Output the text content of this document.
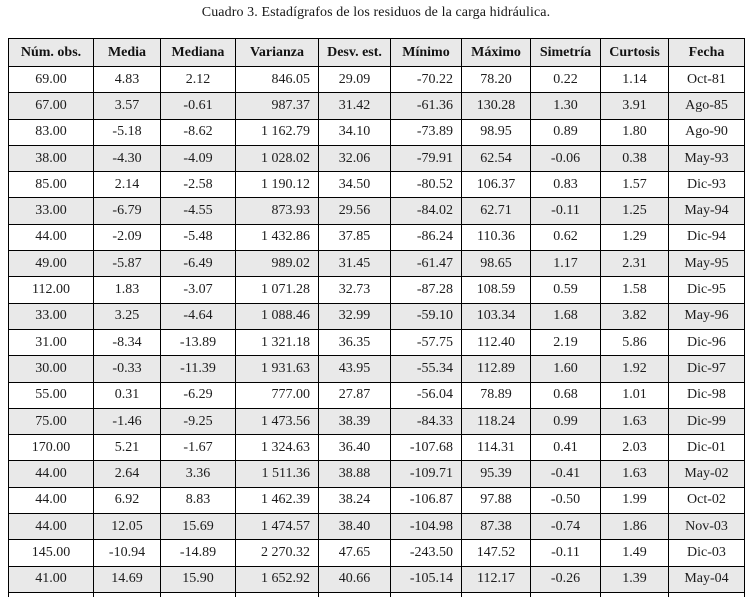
Cuadro 3. Estadígrafos de los residuos de la carga hidráulica.
Núm. obs.	Media	Mediana	Varianza	Desv. est.	Mínimo	Máximo	Simetría	Curtosis	Fecha
69.00	4.83	2.12	846.05	29.09	-70.22	78.20	0.22	1.14	Oct-81
67.00	3.57	-0.61	987.37	31.42	-61.36	130.28	1.30	3.91	Ago-85
83.00	-5.18	-8.62	1 162.79	34.10	-73.89	98.95	0.89	1.80	Ago-90
38.00	-4.30	-4.09	1 028.02	32.06	-79.91	62.54	-0.06	0.38	May-93
85.00	2.14	-2.58	1 190.12	34.50	-80.52	106.37	0.83	1.57	Dic-93
33.00	-6.79	-4.55	873.93	29.56	-84.02	62.71	-0.11	1.25	May-94
44.00	-2.09	-5.48	1 432.86	37.85	-86.24	110.36	0.62	1.29	Dic-94
49.00	-5.87	-6.49	989.02	31.45	-61.47	98.65	1.17	2.31	May-95
112.00	1.83	-3.07	1 071.28	32.73	-87.28	108.59	0.59	1.58	Dic-95
33.00	3.25	-4.64	1 088.46	32.99	-59.10	103.34	1.68	3.82	May-96
31.00	-8.34	-13.89	1 321.18	36.35	-57.75	112.40	2.19	5.86	Dic-96
30.00	-0.33	-11.39	1 931.63	43.95	-55.34	112.89	1.60	1.92	Dic-97
55.00	0.31	-6.29	777.00	27.87	-56.04	78.89	0.68	1.01	Dic-98
75.00	-1.46	-9.25	1 473.56	38.39	-84.33	118.24	0.99	1.63	Dic-99
170.00	5.21	-1.67	1 324.63	36.40	-107.68	114.31	0.41	2.03	Dic-01
44.00	2.64	3.36	1 511.36	38.88	-109.71	95.39	-0.41	1.63	May-02
44.00	6.92	8.83	1 462.39	38.24	-106.87	97.88	-0.50	1.99	Oct-02
44.00	12.05	15.69	1 474.57	38.40	-104.98	87.38	-0.74	1.86	Nov-03
145.00	-10.94	-14.89	2 270.32	47.65	-243.50	147.52	-0.11	1.49	Dic-03
41.00	14.69	15.90	1 652.92	40.66	-105.14	112.17	-0.26	1.39	May-04
